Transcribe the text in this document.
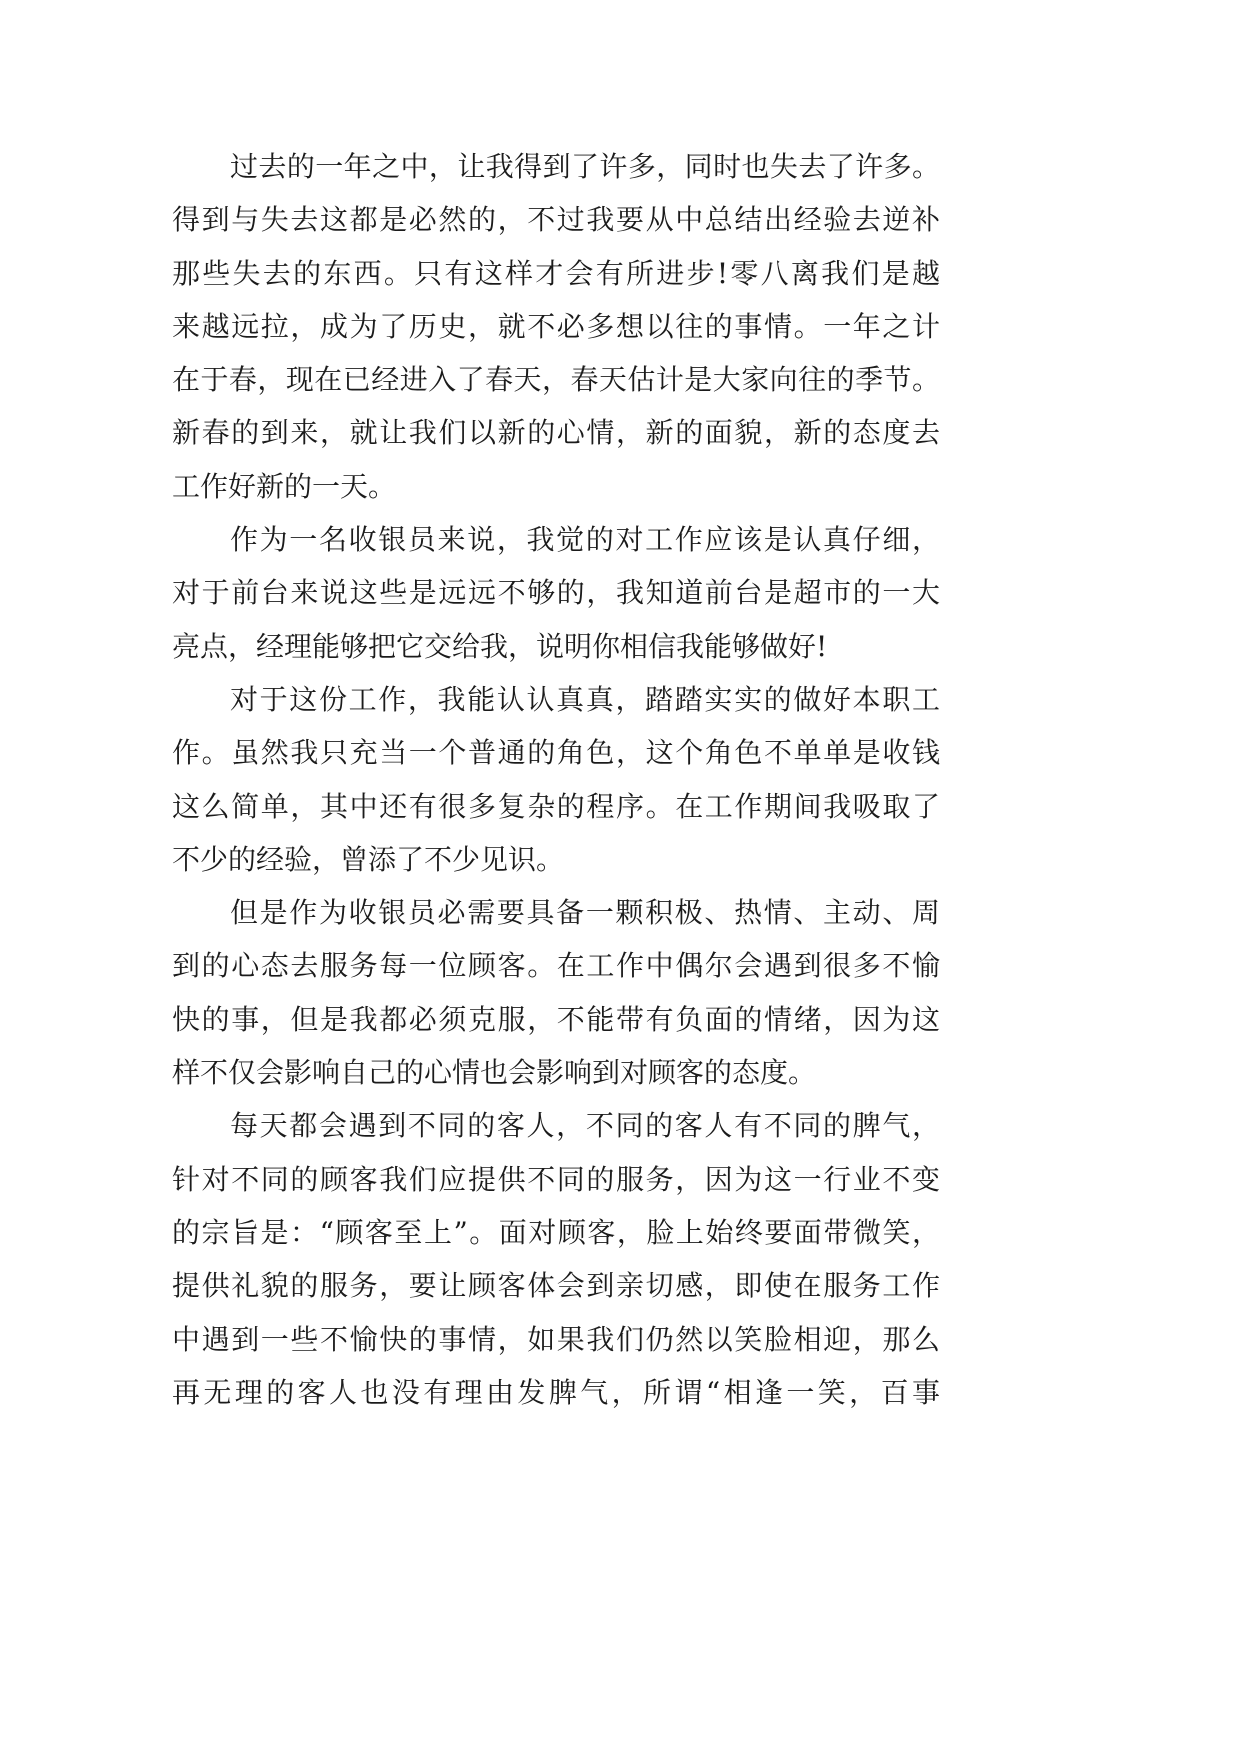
过去的一年之中，让我得到了许多，同时也失去了许多。
得到与失去这都是必然的，不过我要从中总结出经验去逆补
那些失去的东西。只有这样才会有所进步!零八离我们是越
来越远拉，成为了历史，就不必多想以往的事情。一年之计
在于春，现在已经进入了春天，春天估计是大家向往的季节。
新春的到来，就让我们以新的心情，新的面貌，新的态度去
工作好新的一天。
作为一名收银员来说，我觉的对工作应该是认真仔细，
对于前台来说这些是远远不够的，我知道前台是超市的一大
亮点，经理能够把它交给我，说明你相信我能够做好!
对于这份工作，我能认认真真，踏踏实实的做好本职工
作。虽然我只充当一个普通的角色，这个角色不单单是收钱
这么简单，其中还有很多复杂的程序。在工作期间我吸取了
不少的经验，曾添了不少见识。
但是作为收银员必需要具备一颗积极、热情、主动、周
到的心态去服务每一位顾客。在工作中偶尔会遇到很多不愉
快的事，但是我都必须克服，不能带有负面的情绪，因为这
样不仅会影响自己的心情也会影响到对顾客的态度。
每天都会遇到不同的客人，不同的客人有不同的脾气，
针对不同的顾客我们应提供不同的服务，因为这一行业不变
的宗旨是：“顾客至上”。面对顾客，脸上始终要面带微笑，
提供礼貌的服务，要让顾客体会到亲切感，即使在服务工作
中遇到一些不愉快的事情，如果我们仍然以笑脸相迎，那么
再无理的客人也没有理由发脾气，所谓“相逢一笑，百事
